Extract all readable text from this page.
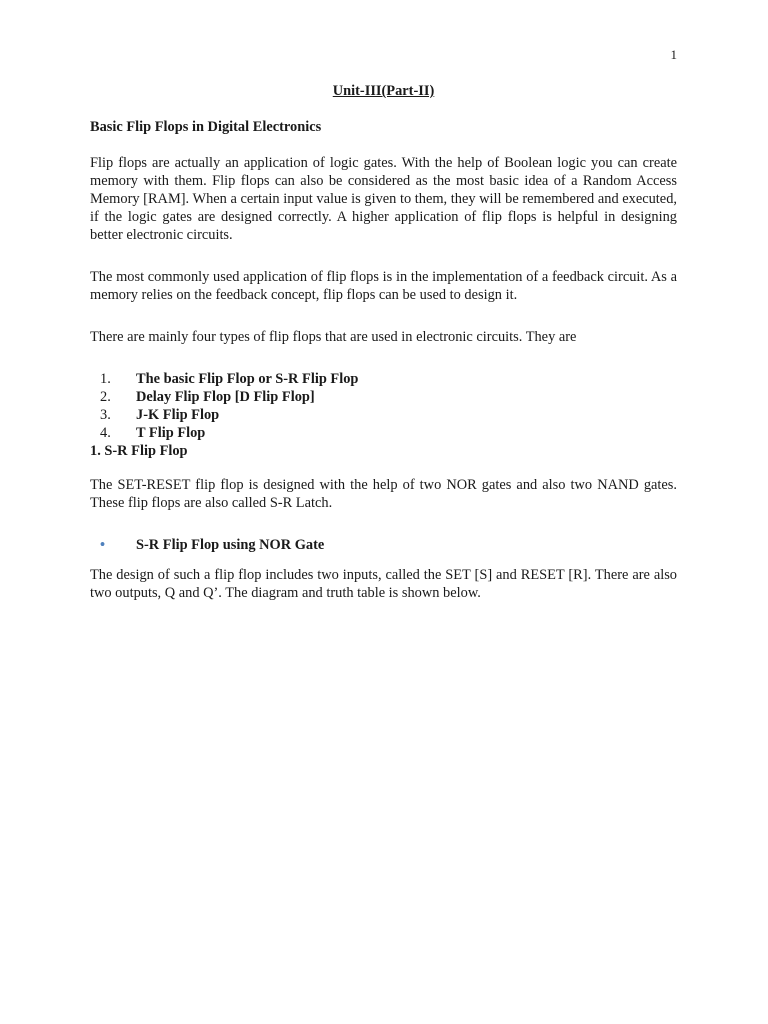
1
Unit-III(Part-II)
Basic Flip Flops in Digital Electronics

Flip flops are actually an application of logic gates. With the help of Boolean logic you can create memory with them. Flip flops can also be considered as the most basic idea of a Random Access Memory [RAM]. When a certain input value is given to them, they will be remembered and executed, if the logic gates are designed correctly. A higher application of flip flops is helpful in designing better electronic circuits.

The most commonly used application of flip flops is in the implementation of a feedback circuit. As a memory relies on the feedback concept, flip flops can be used to design it.

There are mainly four types of flip flops that are used in electronic circuits. They are

1. The basic Flip Flop or S-R Flip Flop
2. Delay Flip Flop [D Flip Flop]
3. J-K Flip Flop
4. T Flip Flop
1. S-R Flip Flop

The SET-RESET flip flop is designed with the help of two NOR gates and also two NAND gates. These flip flops are also called S-R Latch.

• S-R Flip Flop using NOR Gate

The design of such a flip flop includes two inputs, called the SET [S] and RESET [R]. There are also two outputs, Q and Q’. The diagram and truth table is shown below.
